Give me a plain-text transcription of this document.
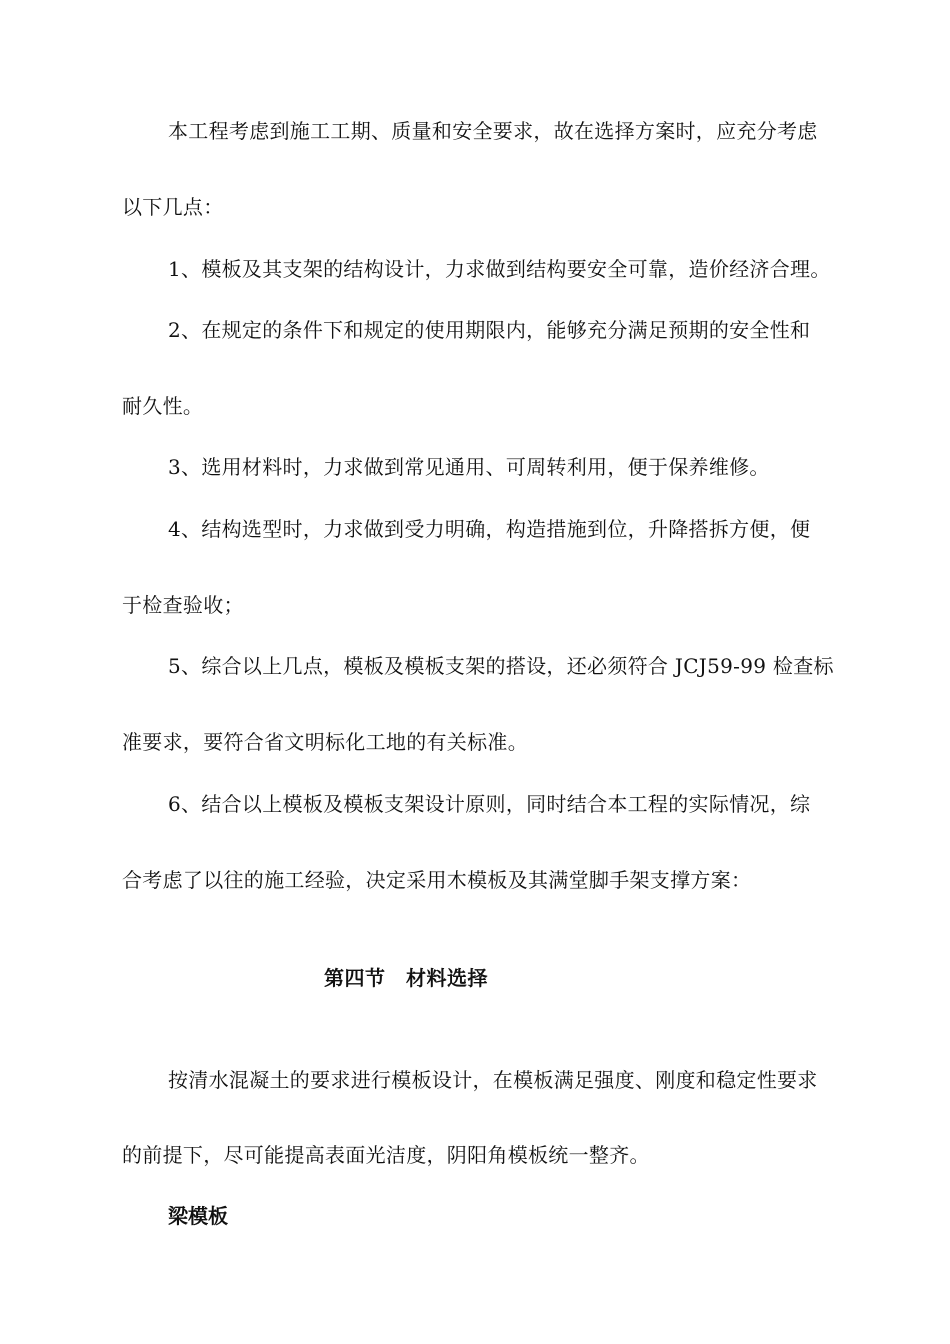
本工程考虑到施工工期、质量和安全要求，故在选择方案时，应充分考虑
以下几点：
1、模板及其支架的结构设计，力求做到结构要安全可靠，造价经济合理。
2、在规定的条件下和规定的使用期限内，能够充分满足预期的安全性和
耐久性。
3、选用材料时，力求做到常见通用、可周转利用，便于保养维修。
4、结构选型时，力求做到受力明确，构造措施到位，升降搭拆方便，便
于检查验收；
5、综合以上几点，模板及模板支架的搭设，还必须符合 JCJ59-99 检查标
准要求，要符合省文明标化工地的有关标准。
6、结合以上模板及模板支架设计原则，同时结合本工程的实际情况，综
合考虑了以往的施工经验，决定采用木模板及其满堂脚手架支撑方案：
第四节　材料选择
按清水混凝土的要求进行模板设计，在模板满足强度、刚度和稳定性要求
的前提下，尽可能提高表面光洁度，阴阳角模板统一整齐。
梁模板
